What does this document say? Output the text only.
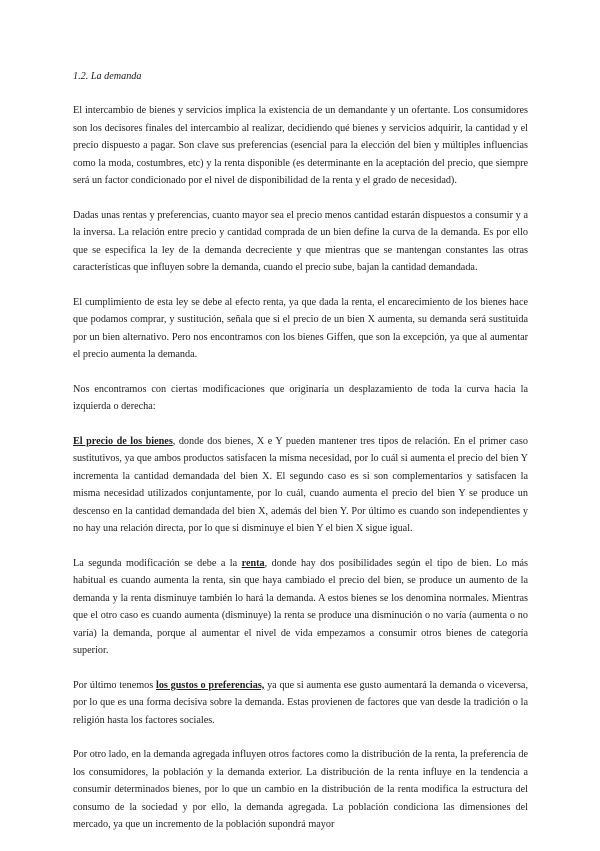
1.2. La demanda

El intercambio de bienes y servicios implica la existencia de un demandante y un ofertante. Los consumidores son los decisores finales del intercambio al realizar, decidiendo qué bienes y servicios adquirir, la cantidad y el precio dispuesto a pagar. Son clave sus preferencias (esencial para la elección del bien y múltiples influencias como la moda, costumbres, etc) y la renta disponible (es determinante en la aceptación del precio, que siempre será un factor condicionado por el nivel de disponibilidad de la renta y el grado de necesidad).

Dadas unas rentas y preferencias, cuanto mayor sea el precio menos cantidad estarán dispuestos a consumir y a la inversa. La relación entre precio y cantidad comprada de un bien define la curva de la demanda. Es por ello que se especifica la ley de la demanda decreciente y que mientras que se mantengan constantes las otras características que influyen sobre la demanda, cuando el precio sube, bajan la cantidad demandada.

El cumplimiento de esta ley se debe al efecto renta, ya que dada la renta, el encarecimiento de los bienes hace que podamos comprar, y sustitución, señala que si el precio de un bien X aumenta, su demanda será sustituida por un bien alternativo. Pero nos encontramos con los bienes Giffen, que son la excepción, ya que al aumentar el precio aumenta la demanda.

Nos encontramos con ciertas modificaciones que originaría un desplazamiento de toda la curva hacia la izquierda o derecha:

El precio de los bienes, donde dos bienes, X e Y pueden mantener tres tipos de relación. En el primer caso sustitutivos, ya que ambos productos satisfacen la misma necesidad, por lo cuál si aumenta el precio del bien Y incrementa la cantidad demandada del bien X. El segundo caso es si son complementarios y satisfacen la misma necesidad utilizados conjuntamente, por lo cuál, cuando aumenta el precio del bien Y se produce un descenso en la cantidad demandada del bien X, además del bien Y. Por último es cuando son independientes y no hay una relación directa, por lo que si disminuye el bien Y el bien X sigue igual.

La segunda modificación se debe a la renta, donde hay dos posibilidades según el tipo de bien. Lo más habitual es cuando aumenta la renta, sin que haya cambiado el precio del bien, se produce un aumento de la demanda y la renta disminuye también lo hará la demanda. A estos bienes se los denomina normales. Mientras que el otro caso es cuando aumenta (disminuye) la renta se produce una disminución o no varía (aumenta o no varía) la demanda, porque al aumentar el nivel de vida empezamos a consumir otros bienes de categoría superior.

Por último tenemos los gustos o preferencias, ya que si aumenta ese gusto aumentará la demanda o viceversa, por lo que es una forma decisiva sobre la demanda. Estas provienen de factores que van desde la tradición o la religión hasta los factores sociales.

Por otro lado, en la demanda agregada influyen otros factores como la distribución de la renta, la preferencia de los consumidores, la población y la demanda exterior. La distribución de la renta influye en la tendencia a consumir determinados bienes, por lo que un cambio en la distribución de la renta modifica la estructura del consumo de la sociedad y por ello, la demanda agregada. La población condiciona las dimensiones del mercado, ya que un incremento de la población supondrá mayor
